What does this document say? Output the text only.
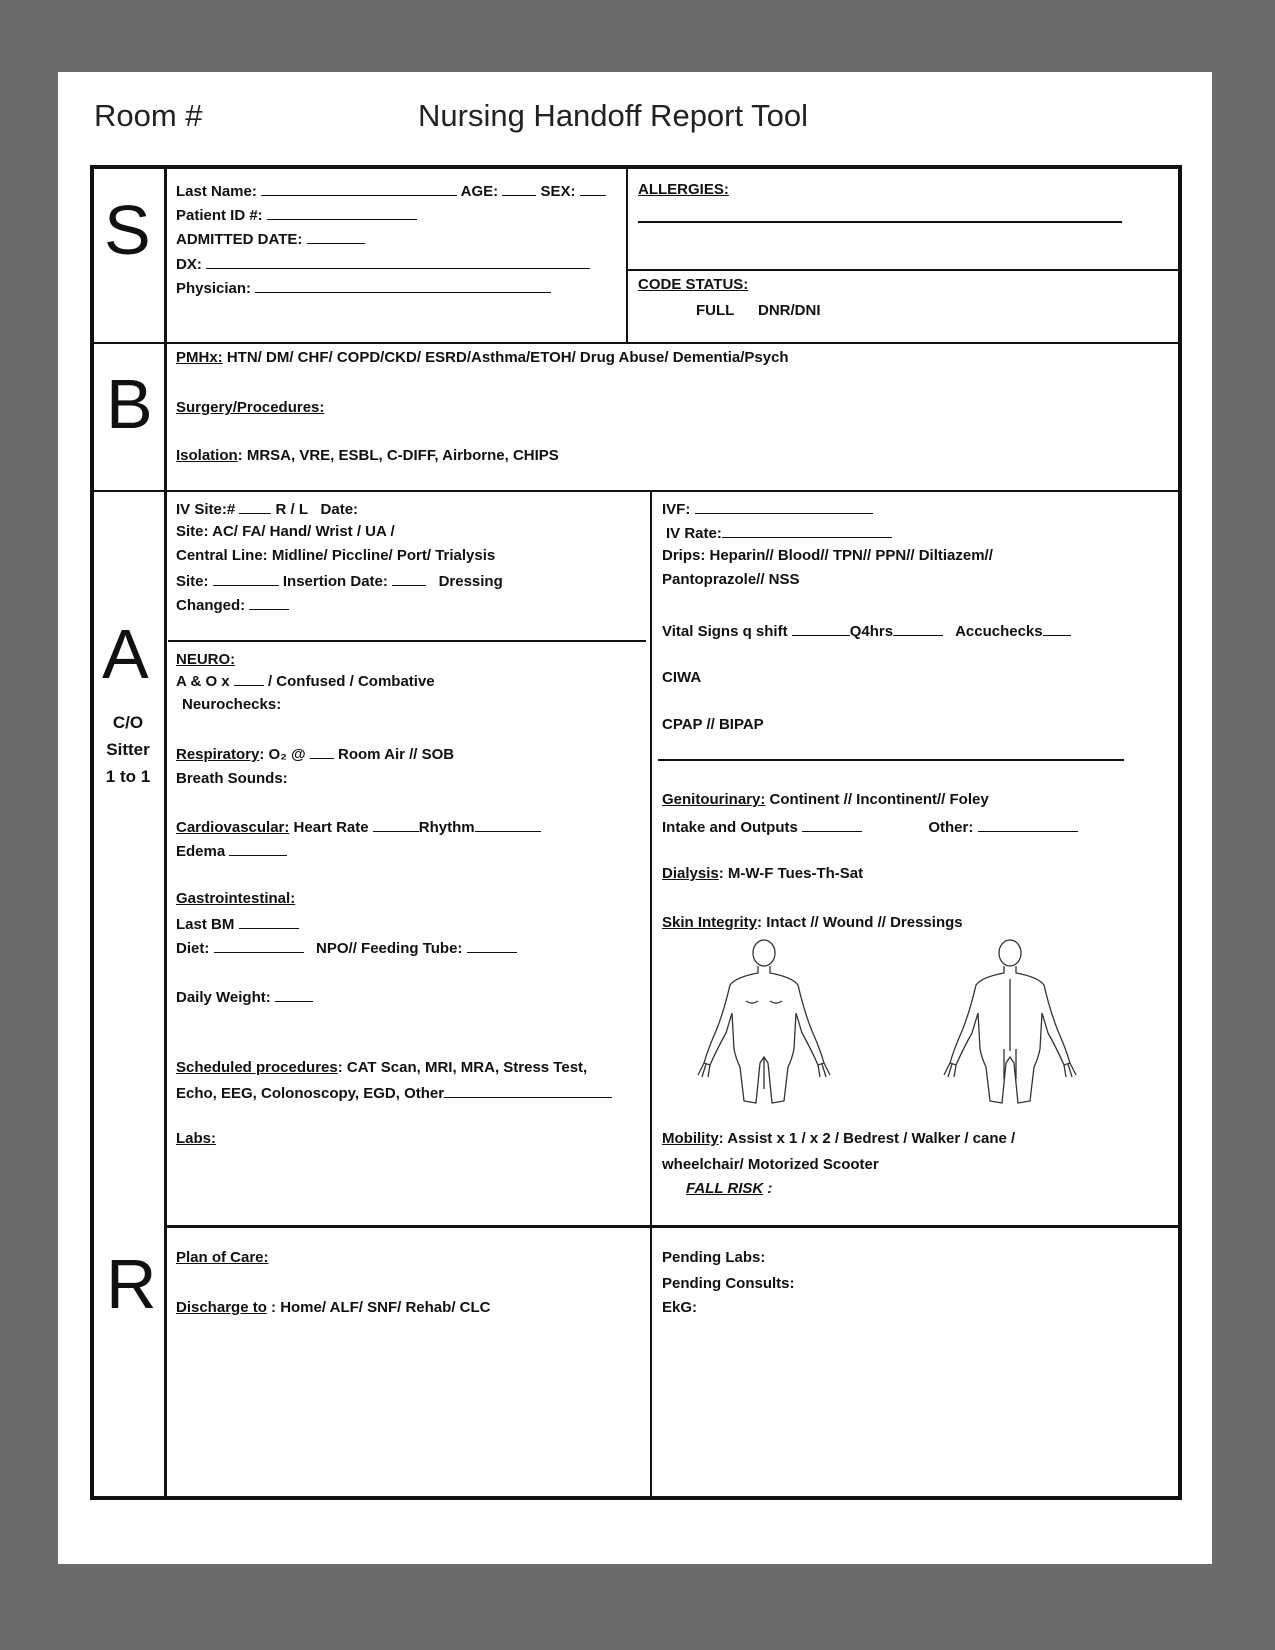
Room #	Nursing Handoff Report Tool
S
B
A
C/O
Sitter
1 to 1
R
Last Name:	AGE:	SEX:
Patient ID #:
ADMITTED DATE:
DX:
Physician:
ALLERGIES:
CODE STATUS:
FULL DNR/DNI
PMHx: HTN/ DM/ CHF/ COPD/CKD/ ESRD/Asthma/ETOH/ Drug Abuse/ Dementia/Psych
Surgery/Procedures:
Isolation: MRSA, VRE, ESBL, C-DIFF, Airborne, CHIPS
IV Site:#	R / L Date:
Site: AC/ FA/ Hand/ Wrist / UA /
Central Line: Midline/ Piccline/ Port/ Trialysis
Site:	Insertion Date:	Dressing
Changed:
NEURO:
A & O x	/ Confused / Combative
Neurochecks:
Respiratory: O₂ @ Room Air // SOB
Breath Sounds:
Cardiovascular: Heart Rate	Rhythm
Edema
Gastrointestinal:
Last BM
Diet:	NPO// Feeding Tube:
Daily Weight:
Scheduled procedures: CAT Scan, MRI, MRA, Stress Test,
Echo, EEG, Colonoscopy, EGD, Other
Labs:
IVF:
IV Rate:
Drips: Heparin// Blood// TPN// PPN// Diltiazem//
Pantoprazole// NSS
Vital Signs q shift	Q4hrs	Accuchecks
CIWA
CPAP // BIPAP
Genitourinary: Continent // Incontinent// Foley
Intake and Outputs	Other:
Dialysis: M-W-F Tues-Th-Sat
Skin Integrity: Intact // Wound // Dressings
Mobility: Assist x 1 / x 2 / Bedrest / Walker / cane /
wheelchair/ Motorized Scooter
FALL RISK :
Plan of Care:
Discharge to : Home/ ALF/ SNF/ Rehab/ CLC
Pending Labs:
Pending Consults:
EkG:
